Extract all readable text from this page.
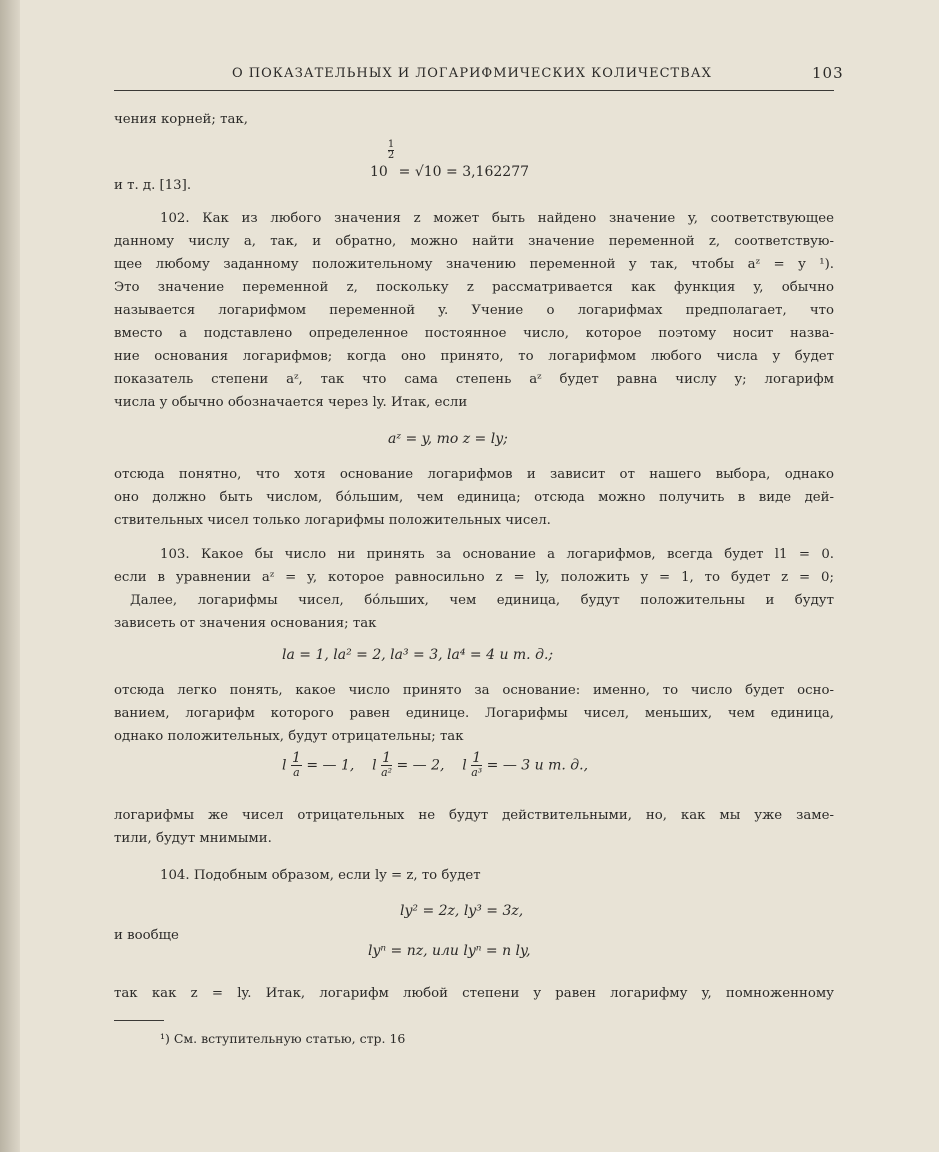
О ПОКАЗАТЕЛЬНЫХ И ЛОГАРИФМИЧЕСКИХ КОЛИЧЕСТВАХ	103
чения корней; так,
10
$^{\frac{1}{2}}$
= √10 = 3,162277
и т. д. [13].
102. Как из любого значения z может быть найдено значение y, соответствующее
данному числу a, так, и обратно, можно найти значение переменной z, соответствую-
щее любому заданному положительному значению переменной y так, чтобы aᶻ = y ¹).
Это значение переменной z, поскольку z рассматривается как функция y, обычно
называется логарифмом переменной y. Учение о логарифмах предполагает, что
вместо a подставлено определенное постоянное число, которое поэтому носит назва-
ние основания логарифмов; когда оно принято, то логарифмом любого числа y будет
показатель степени aᶻ, так что сама степень aᶻ будет равна числу y; логарифм
числа y обычно обозначается через ly. Итак, если
aᶻ = y, то z = ly;
отсюда понятно, что хотя основание логарифмов и зависит от нашего выбора, однако
оно должно быть числом, бо́льшим, чем единица; отсюда можно получить в виде дей-
ствительных чисел только логарифмы положительных чисел.
103. Какое бы число ни принять за основание a логарифмов, всегда будет l1 = 0.
если в уравнении aᶻ = y, которое равносильно z = ly, положить y = 1, то будет z = 0;
Далее, логарифмы чисел, бо́льших, чем единица, будут положительны и будут
зависеть от значения основания; так
la = 1, la² = 2, la³ = 3, la⁴ = 4 и т. д.;
отсюда легко понять, какое число принято за основание: именно, то число будет осно-
ванием, логарифм которого равен единице. Логарифмы чисел, меньших, чем единица,
однако положительных, будут отрицательны; так
l $\frac{1}{a}$ = — 1, l $\frac{1}{\text{a²}}$ = — 2, l $\frac{1}{\text{a³}}$ = — 3 и т. д.,
логарифмы же чисел отрицательных не будут действительными, но, как мы уже заме-
тили, будут мнимыми.
104. Подобным образом, если ly = z, то будет
ly² = 2z, ly³ = 3z,
и вообще
lyⁿ = nz, или lyⁿ = n ly,
так как z = ly. Итак, логарифм любой степени y равен логарифму y, помноженному
¹) См. вступительную статью, стр. 16
